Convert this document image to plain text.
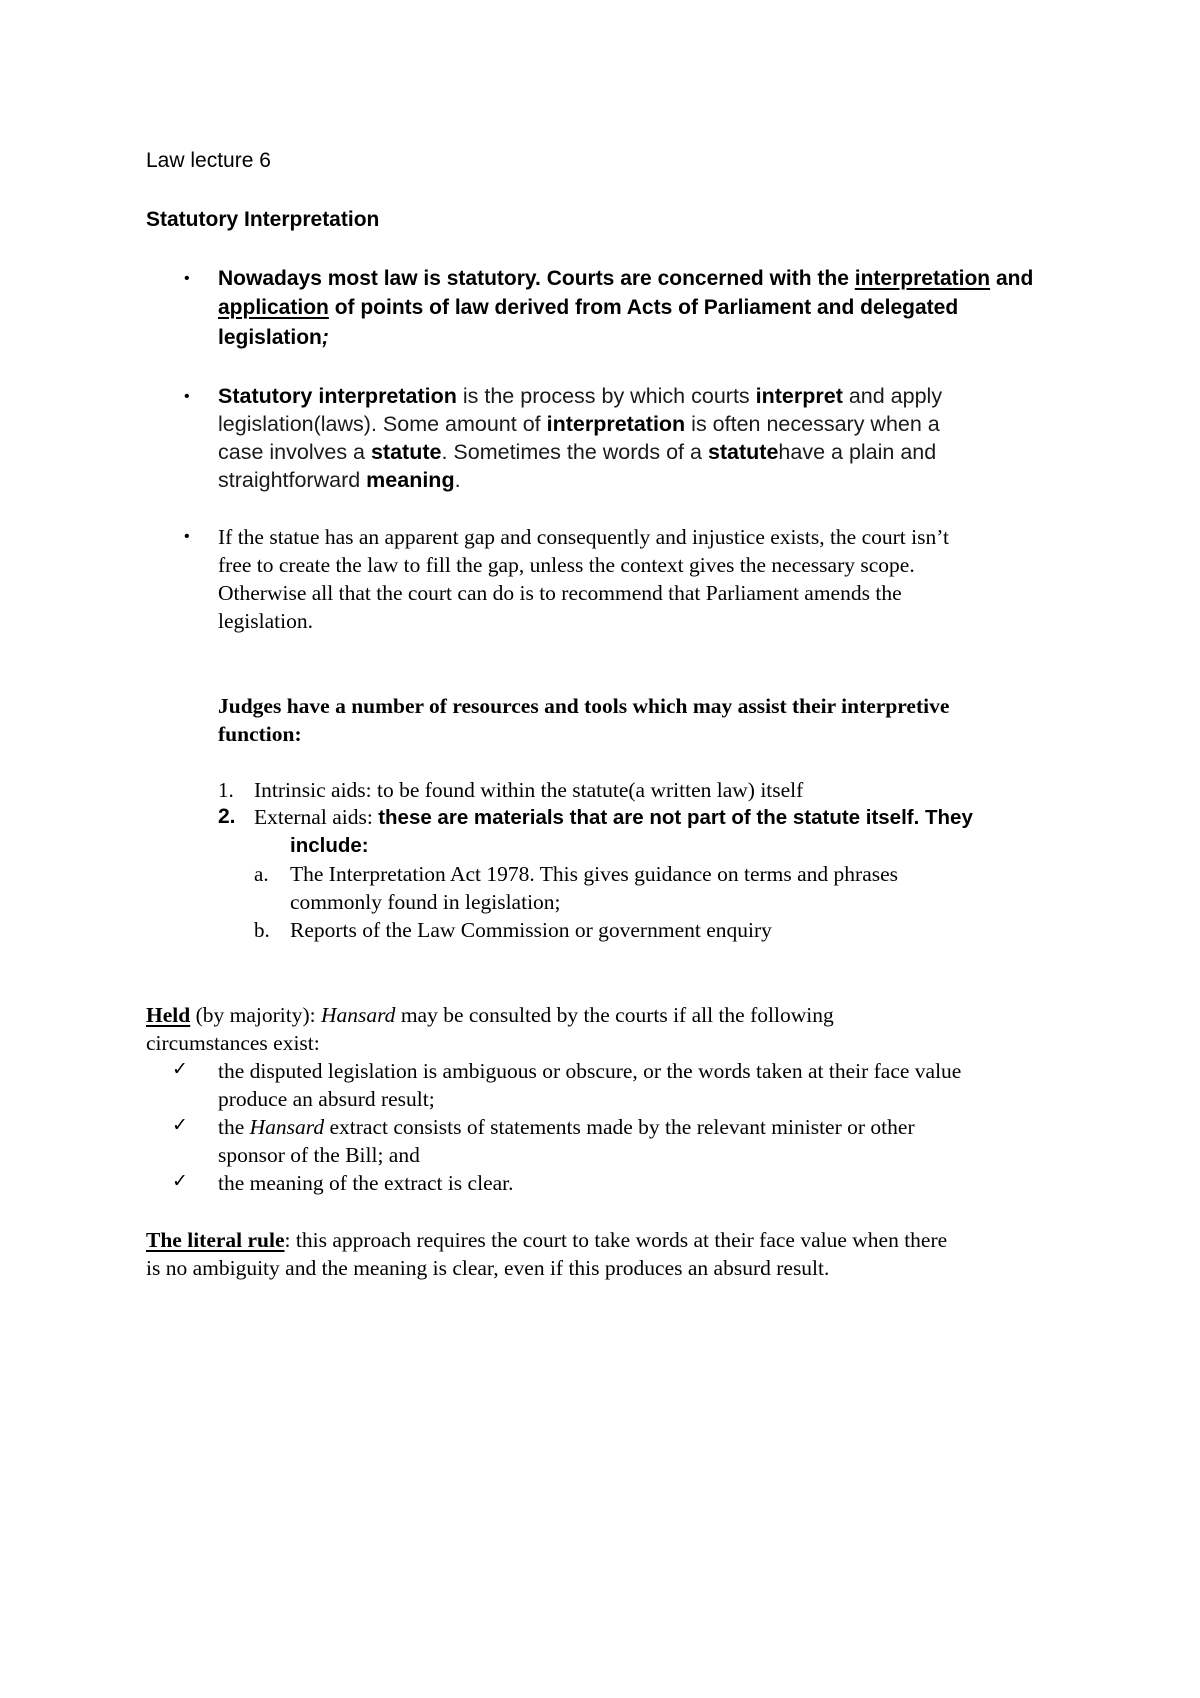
Law lecture 6
Statutory Interpretation
• Nowadays most law is statutory. Courts are concerned with the interpretation and
application of points of law derived from Acts of Parliament and delegated
legislation;
• Statutory interpretation is the process by which courts interpret and apply
legislation(laws). Some amount of interpretation is often necessary when a
case involves a statute. Sometimes the words of a statutehave a plain and
straightforward meaning.
• If the statue has an apparent gap and consequently and injustice exists, the court isn’t
free to create the law to fill the gap, unless the context gives the necessary scope.
Otherwise all that the court can do is to recommend that Parliament amends the
legislation.
Judges have a number of resources and tools which may assist their interpretive
function:
1. Intrinsic aids: to be found within the statute(a written law) itself
2. External aids: these are materials that are not part of the statute itself. They
include:
a. The Interpretation Act 1978. This gives guidance on terms and phrases
commonly found in legislation;
b. Reports of the Law Commission or government enquiry
Held (by majority): Hansard may be consulted by the courts if all the following
circumstances exist:
✓ the disputed legislation is ambiguous or obscure, or the words taken at their face value
produce an absurd result;
✓ the Hansard extract consists of statements made by the relevant minister or other
sponsor of the Bill; and
✓ the meaning of the extract is clear.
The literal rule: this approach requires the court to take words at their face value when there
is no ambiguity and the meaning is clear, even if this produces an absurd result.
